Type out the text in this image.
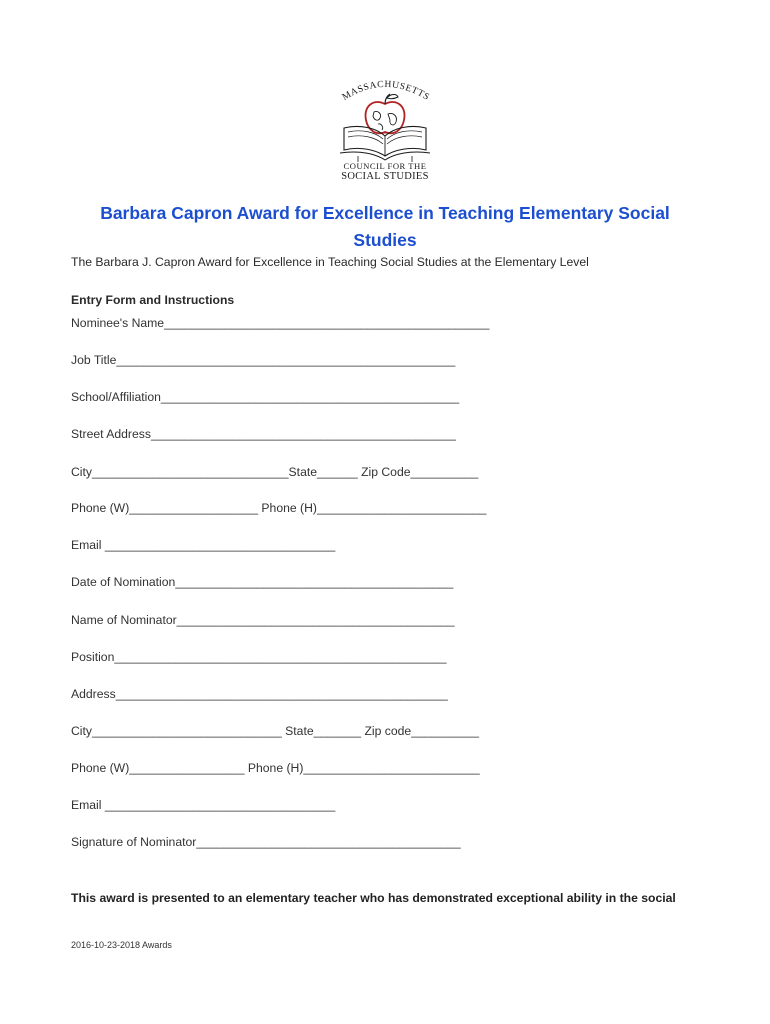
MASSACHUSETTS
COUNCIL FOR THE
SOCIAL STUDIES
Barbara Capron Award for Excellence in Teaching Elementary Social Studies
The Barbara J. Capron Award for Excellence in Teaching Social Studies at the Elementary Level
Entry Form and Instructions
Nominee's Name________________________________________________
Job Title__________________________________________________
School/Affiliation____________________________________________
Street Address_____________________________________________
City_____________________________State______ Zip Code__________
Phone (W)___________________ Phone (H)_________________________
Email __________________________________
Date of Nomination_________________________________________
Name of Nominator_________________________________________
Position_________________________________________________
Address_________________________________________________
City____________________________ State_______ Zip code__________
Phone (W)_________________ Phone (H)__________________________
Email __________________________________
Signature of Nominator_______________________________________
This award is presented to an elementary teacher who has demonstrated exceptional ability in the social
2016-10-23-2018 Awards
